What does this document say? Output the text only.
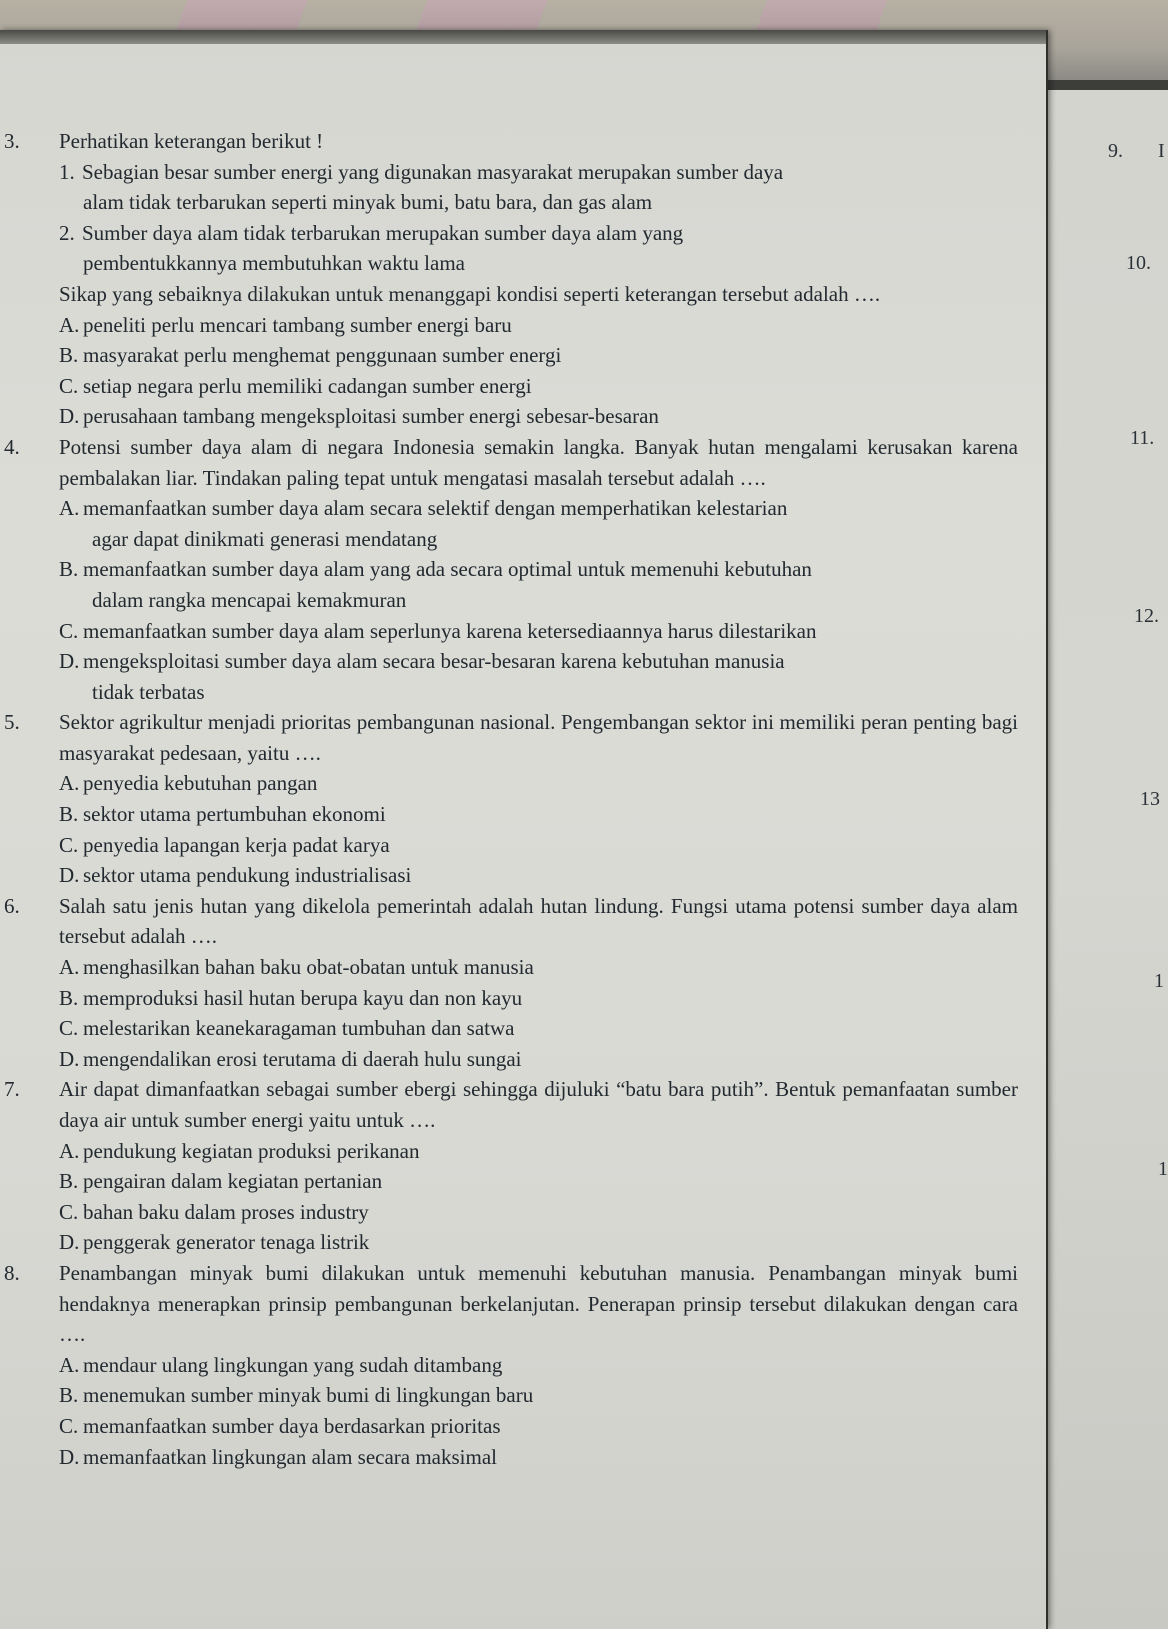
3. Perhatikan keterangan berikut !
1. Sebagian besar sumber energi yang digunakan masyarakat merupakan sumber daya
alam tidak terbarukan seperti minyak bumi, batu bara, dan gas alam
2. Sumber daya alam tidak terbarukan merupakan sumber daya alam yang
pembentukkannya membutuhkan waktu lama
Sikap yang sebaiknya dilakukan untuk menanggapi kondisi seperti keterangan tersebut adalah ….
A. peneliti perlu mencari tambang sumber energi baru
B. masyarakat perlu menghemat penggunaan sumber energi
C. setiap negara perlu memiliki cadangan sumber energi
D. perusahaan tambang mengeksploitasi sumber energi sebesar-besaran
4. Potensi sumber daya alam di negara Indonesia semakin langka. Banyak hutan mengalami kerusakan karena pembalakan liar. Tindakan paling tepat untuk mengatasi masalah tersebut adalah ….
A. memanfaatkan sumber daya alam secara selektif dengan memperhatikan kelestarian
agar dapat dinikmati generasi mendatang
B. memanfaatkan sumber daya alam yang ada secara optimal untuk memenuhi kebutuhan
dalam rangka mencapai kemakmuran
C. memanfaatkan sumber daya alam seperlunya karena ketersediaannya harus dilestarikan
D. mengeksploitasi sumber daya alam secara besar-besaran karena kebutuhan manusia
tidak terbatas
5. Sektor agrikultur menjadi prioritas pembangunan nasional. Pengembangan sektor ini memiliki peran penting bagi masyarakat pedesaan, yaitu ….
A. penyedia kebutuhan pangan
B. sektor utama pertumbuhan ekonomi
C. penyedia lapangan kerja padat karya
D. sektor utama pendukung industrialisasi
6. Salah satu jenis hutan yang dikelola pemerintah adalah hutan lindung. Fungsi utama potensi sumber daya alam tersebut adalah ….
A. menghasilkan bahan baku obat-obatan untuk manusia
B. memproduksi hasil hutan berupa kayu dan non kayu
C. melestarikan keanekaragaman tumbuhan dan satwa
D. mengendalikan erosi terutama di daerah hulu sungai
7. Air dapat dimanfaatkan sebagai sumber ebergi sehingga dijuluki “batu bara putih”. Bentuk pemanfaatan sumber daya air untuk sumber energi yaitu untuk ….
A. pendukung kegiatan produksi perikanan
B. pengairan dalam kegiatan pertanian
C. bahan baku dalam proses industry
D. penggerak generator tenaga listrik
8. Penambangan minyak bumi dilakukan untuk memenuhi kebutuhan manusia. Penambangan minyak bumi hendaknya menerapkan prinsip pembangunan berkelanjutan. Penerapan prinsip tersebut dilakukan dengan cara ….
A. mendaur ulang lingkungan yang sudah ditambang
B. menemukan sumber minyak bumi di lingkungan baru
C. memanfaatkan sumber daya berdasarkan prioritas
D. memanfaatkan lingkungan alam secara maksimal
9. I
10.
11.
12.
13
1
1
